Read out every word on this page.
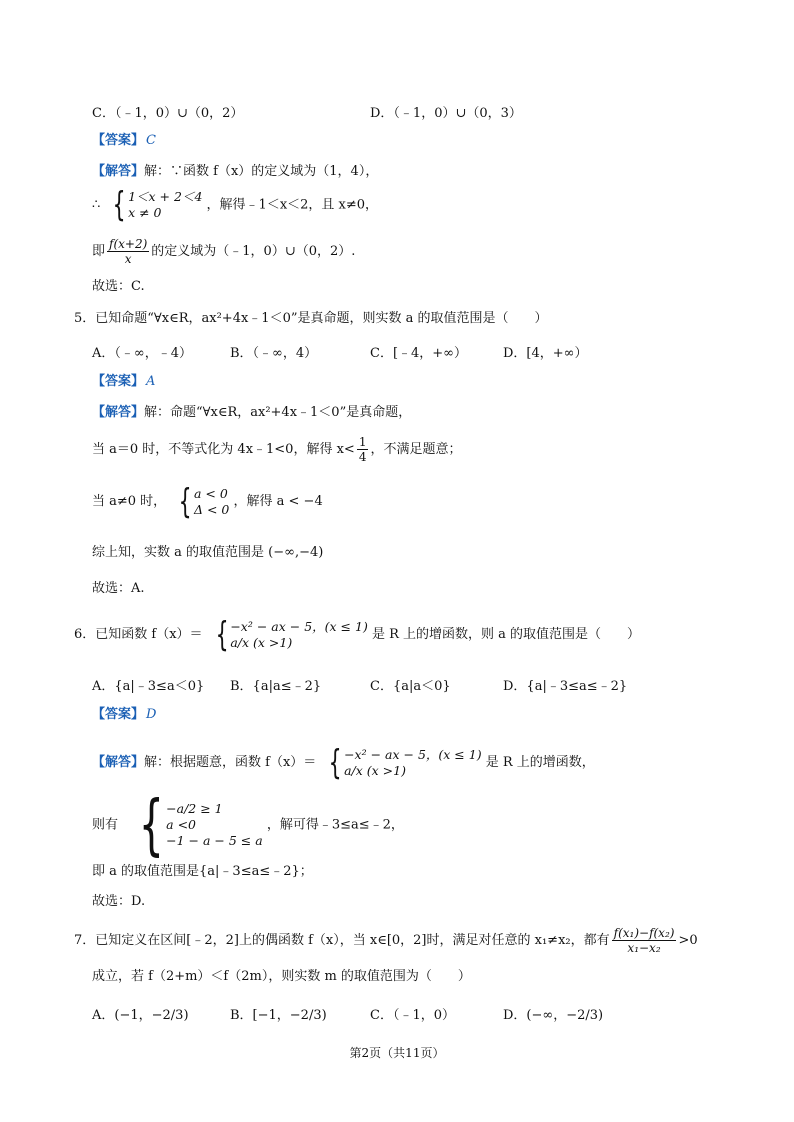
C．（﹣1，0）∪（0，2）	D．（﹣1，0）∪（0，3）
【答案】 C
【解答】解：∵函数 f（x）的定义域为（1，4），
∴ { 1＜x + 2＜4
x ≠ 0	，解得﹣1＜x＜2，且 x≠0，
即 $\frac{f(x+2)}{x}$ 的定义域为（﹣1，0）∪（0，2）.
故选：C.
5．已知命题“∀x∈R，ax²+4x﹣1＜0”是真命题，则实数 a 的取值范围是（　　）
A．（﹣∞，﹣4）	B．（﹣∞，4）	C．[﹣4，+∞）	D．[4，+∞）
【答案】 A
【解答】解：命题“∀x∈R，ax²+4x﹣1＜0”是真命题，
当 a＝0 时，不等式化为 4x﹣1<0，解得 $x< \frac{1}{4}$ ，不满足题意；
当 a≠0 时， { a < 0
Δ < 0 ，解得 a < −4
综上知，实数 a 的取值范围是 (−∞,−4)
故选：A.
6．已知函数 f（x）＝ { −x² − ax − 5，(x ≤ 1)
a/x (x >1)	是 R 上的增函数，则 a 的取值范围是（　　）
A．{a|﹣3≤a＜0} B．{a|a≤﹣2}	C．{a|a＜0}	D．{a|﹣3≤a≤﹣2}
【答案】 D
【解答】解：根据题意，函数 f（x）＝ { −x² − ax − 5，(x ≤ 1)
a/x (x >1)	是 R 上的增函数，
则有 { −a/2 ≥ 1
a <0
−1 − a − 5 ≤ a
，解可得﹣3≤a≤﹣2，
即 a 的取值范围是{a|﹣3≤a≤﹣2}；
故选：D.
7．已知定义在区间[﹣2，2]上的偶函数 f（x），当 x∈[0，2]时，满足对任意的 x₁≠x₂，都有 $\frac{\text{f(x₁)−f(x₂)}}{\text{x₁−x₂}} >0$
成立，若 f（2+m）＜f（2m），则实数 m 的取值范围为（　　）
A．(−1，−2/3)	B．[−1，−2/3)	C．（﹣1，0）	D．(−∞，−2/3)
第2页（共11页）
